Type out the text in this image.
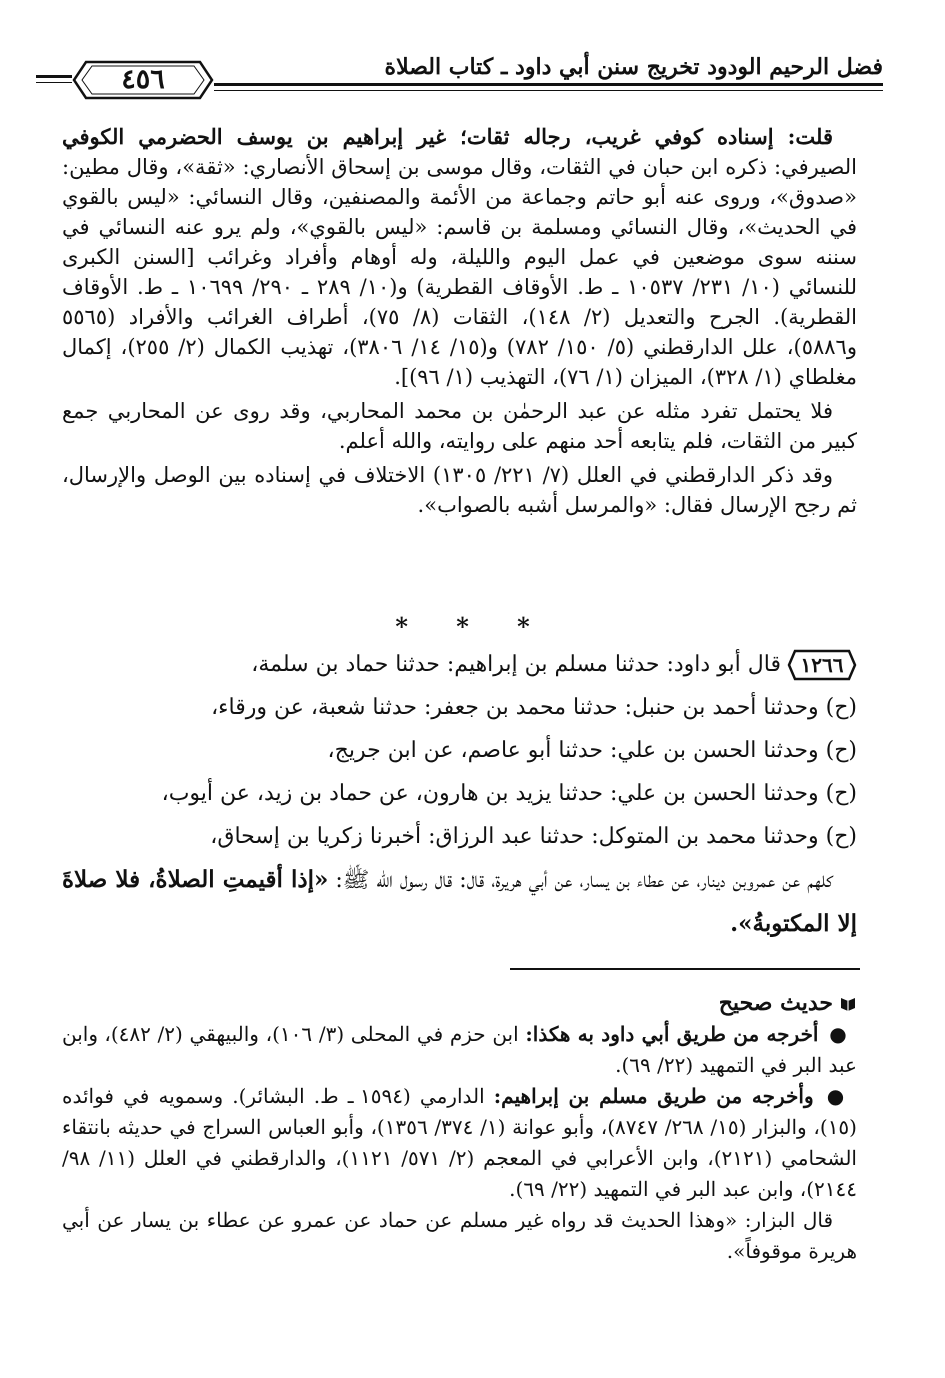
فضل الرحيم الودود تخريج سنن أبي داود ـ كتاب الصلاة
٤٥٦

قلت: إسناده كوفي غريب، رجاله ثقات؛ غير إبراهيم بن يوسف الحضرمي الكوفي الصيرفي: ذكره ابن حبان في الثقات، وقال موسى بن إسحاق الأنصاري: «ثقة»، وقال مطين: «صدوق»، وروى عنه أبو حاتم وجماعة من الأئمة والمصنفين، وقال النسائي: «ليس بالقوي في الحديث»، وقال النسائي ومسلمة بن قاسم: «ليس بالقوي»، ولم يرو عنه النسائي في سننه سوى موضعين في عمل اليوم والليلة، وله أوهام وأفراد وغرائب [السنن الكبرى للنسائي (١٠/ ٢٣١/ ١٠٥٣٧ ـ ط. الأوقاف القطرية) و(١٠/ ٢٨٩ ـ ٢٩٠/ ١٠٦٩٩ ـ ط. الأوقاف القطرية). الجرح والتعديل (٢/ ١٤٨)، الثقات (٨/ ٧٥)، أطراف الغرائب والأفراد (٥٥٦٥ و٥٨٨٦)، علل الدارقطني (٥/ ١٥٠/ ٧٨٢) و(١٥/ ١٤/ ٣٨٠٦)، تهذيب الكمال (٢/ ٢٥٥)، إكمال مغلطاي (١/ ٣٢٨)، الميزان (١/ ٧٦)، التهذيب (١/ ٩٦)].

فلا يحتمل تفرد مثله عن عبد الرحمٰن بن محمد المحاربي، وقد روى عن المحاربي جمع كبير من الثقات، فلم يتابعه أحد منهم على روايته، والله أعلم.

وقد ذكر الدارقطني في العلل (٧/ ٢٢١/ ١٣٠٥) الاختلاف في إسناده بين الوصل والإرسال، ثم رجح الإرسال فقال: «والمرسل أشبه بالصواب».

* * *
١٢٦٦
قال أبو داود: حدثنا مسلم بن إبراهيم: حدثنا حماد بن سلمة،
(ح) وحدثنا أحمد بن حنبل: حدثنا محمد بن جعفر: حدثنا شعبة، عن ورقاء،
(ح) وحدثنا الحسن بن علي: حدثنا أبو عاصم، عن ابن جريج،
(ح) وحدثنا الحسن بن علي: حدثنا يزيد بن هارون، عن حماد بن زيد، عن أيوب،
(ح) وحدثنا محمد بن المتوكل: حدثنا عبد الرزاق: أخبرنا زكريا بن إسحاق،
كلهم عن عمروبن دينار، عن عطاء بن يسار، عن أبي هريرة، قال: قال رسول الله ﷺ: «إذا أقيمتِ الصلاةُ، فلا صلاةَ إلا المكتوبةُ».

حديث صحيح

● أخرجه من طريق أبي داود به هكذا: ابن حزم في المحلى (٣/ ١٠٦)، والبيهقي (٢/ ٤٨٢)، وابن عبد البر في التمهيد (٢٢/ ٦٩).

● وأخرجه من طريق مسلم بن إبراهيم: الدارمي (١٥٩٤ ـ ط. البشائر). وسمويه في فوائده (١٥)، والبزار (١٥/ ٢٦٨/ ٨٧٤٧)، وأبو عوانة (١/ ٣٧٤/ ١٣٥٦)، وأبو العباس السراج في حديثه بانتقاء الشحامي (٢١٢١)، وابن الأعرابي في المعجم (٢/ ٥٧١/ ١١٢١)، والدارقطني في العلل (١١/ ٩٨/ ٢١٤٤)، وابن عبد البر في التمهيد (٢٢/ ٦٩).

قال البزار: «وهذا الحديث قد رواه غير مسلم عن حماد عن عمرو عن عطاء بن يسار عن أبي هريرة موقوفاً».
